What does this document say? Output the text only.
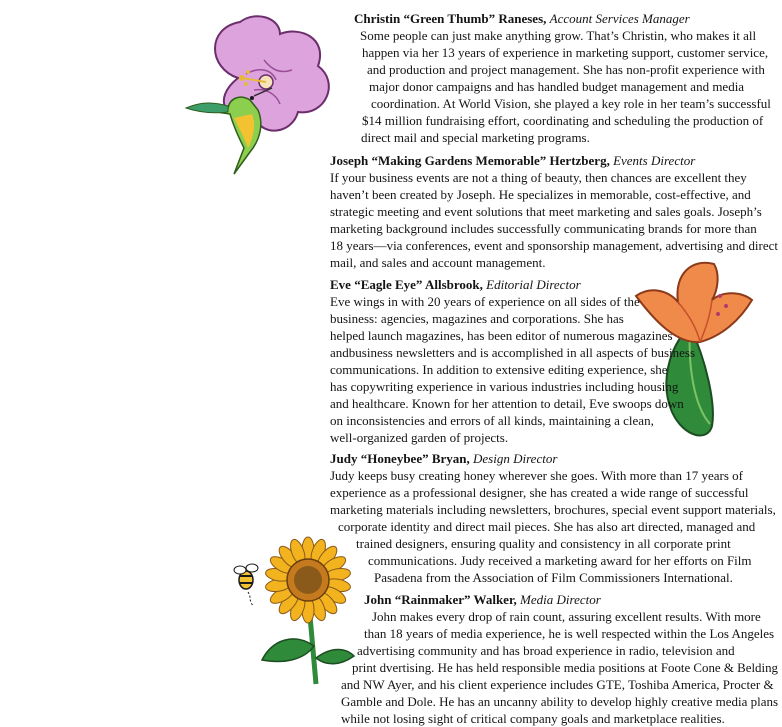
Christin “Green Thumb” Raneses, Account Services Manager
Some people can just make anything grow. That’s Christin, who makes it all
happen via her 13 years of experience in marketing support, customer service,
and production and project management. She has non-profit experience with
major donor campaigns and has handled budget management and media
coordination. At World Vision, she played a key role in her team’s successful
$14 million fundraising effort, coordinating and scheduling the production of
direct mail and special marketing programs.
Joseph “Making Gardens Memorable” Hertzberg, Events Director
If your business events are not a thing of beauty, then chances are excellent they
haven’t been created by Joseph. He specializes in memorable, cost-effective, and
strategic meeting and event solutions that meet marketing and sales goals. Joseph’s
marketing background includes successfully communicating brands for more than
18 years—via conferences, event and sponsorship management, advertising and direct
mail, and sales and account management.
Eve “Eagle Eye” Allsbrook, Editorial Director
Eve wings in with 20 years of experience on all sides of the
business: agencies, magazines and corporations. She has
helped launch magazines, has been editor of numerous magazines
andbusiness newsletters and is accomplished in all aspects of business
communications. In addition to extensive editing experience, she
has copywriting experience in various industries including housing
and healthcare. Known for her attention to detail, Eve swoops down
on inconsistencies and errors of all kinds, maintaining a clean,
well-organized garden of projects.
Judy “Honeybee” Bryan, Design Director
Judy keeps busy creating honey wherever she goes. With more than 17 years of
experience as a professional designer, she has created a wide range of successful
marketing materials including newsletters, brochures, special event support materials,
corporate identity and direct mail pieces. She has also art directed, managed and
trained designers, ensuring quality and consistency in all corporate print
communications. Judy received a marketing award for her efforts on Film
Pasadena from the Association of Film Commissioners International.
John “Rainmaker” Walker, Media Director
John makes every drop of rain count, assuring excellent results. With more
than 18 years of media experience, he is well respected within the Los Angeles
advertising community and has broad experience in radio, television and
print dvertising. He has held responsible media positions at Foote Cone & Belding
and NW Ayer, and his client experience includes GTE, Toshiba America, Procter &
Gamble and Dole. He has an uncanny ability to develop highly creative media plans
while not losing sight of critical company goals and marketplace realities.
